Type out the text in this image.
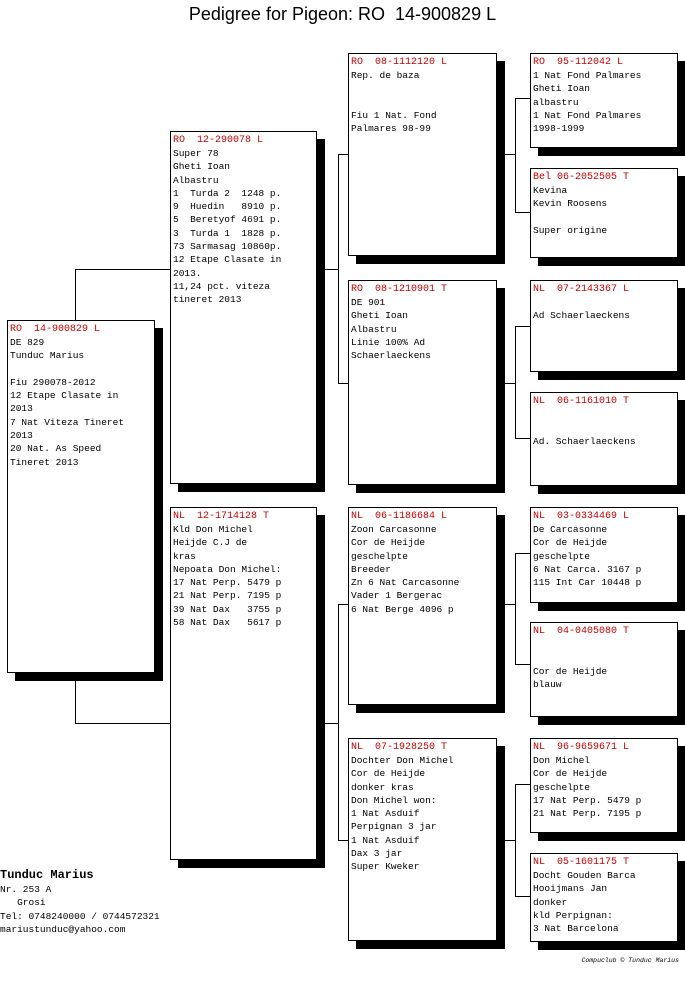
Pedigree for Pigeon: RO  14-900829 L
RO  14-900829 L
DE 829
Tunduc Marius

Fiu 290078-2012
12 Etape Clasate in
2013
7 Nat Viteza Tineret
2013
20 Nat. As Speed
Tineret 2013
RO  12-290078 L
Super 78
Gheti Ioan
Albastru
1  Turda 2  1248 p.
9  Huedin   8910 p.
5  Beretyof 4691 p.
3  Turda 1  1828 p.
73 Sarmasag 10860p.
12 Etape Clasate in
2013.
11,24 pct. viteza
tineret 2013
NL  12-1714128 T
Kld Don Michel
Heijde C.J de
kras
Nepoata Don Michel:
17 Nat Perp. 5479 p
21 Nat Perp. 7195 p
39 Nat Dax   3755 p
58 Nat Dax   5617 p
RO  08-1112120 L
Rep. de baza

Fiu 1 Nat. Fond
Palmares 98-99
RO  08-1210901 T
DE 901
Gheti Ioan
Albastru
Linie 100% Ad
Schaerlaeckens
NL  06-1186684 L
Zoon Carcasonne
Cor de Heijde
geschelpte
Breeder
Zn 6 Nat Carcasonne
Vader 1 Bergerac
6 Nat Berge 4096 p
NL  07-1928250 T
Dochter Don Michel
Cor de Heijde
donker kras
Don Michel won:
1 Nat Asduif
Perpignan 3 jar
1 Nat Asduif
Dax 3 jar
Super Kweker
RO  95-112042 L
1 Nat Fond Palmares
Gheti Ioan
albastru
1 Nat Fond Palmares
1998-1999
Bel 06-2052505 T
Kevina
Kevin Roosens

Super origine
NL  07-2143367 L

Ad Schaerlaeckens
NL  06-1161010 T

Ad. Schaerlaeckens
NL  03-0334469 L
De Carcasonne
Cor de Heijde
geschelpte
6 Nat Carca. 3167 p
115 Int Car 10448 p
NL  04-0405080 T

Cor de Heijde
blauw
NL  96-9659671 L
Don Michel
Cor de Heijde
geschelpte
17 Nat Perp. 5479 p
21 Nat Perp. 7195 p
NL  05-1601175 T
Docht Gouden Barca
Hooijmans Jan
donker
kld Perpignan:
3 Nat Barcelona
Tunduc Marius
Nr. 253 A
Grosi
Tel: 0748240000 / 0744572321
mariustunduc@yahoo.com
Compuclub © Tunduc Marius
